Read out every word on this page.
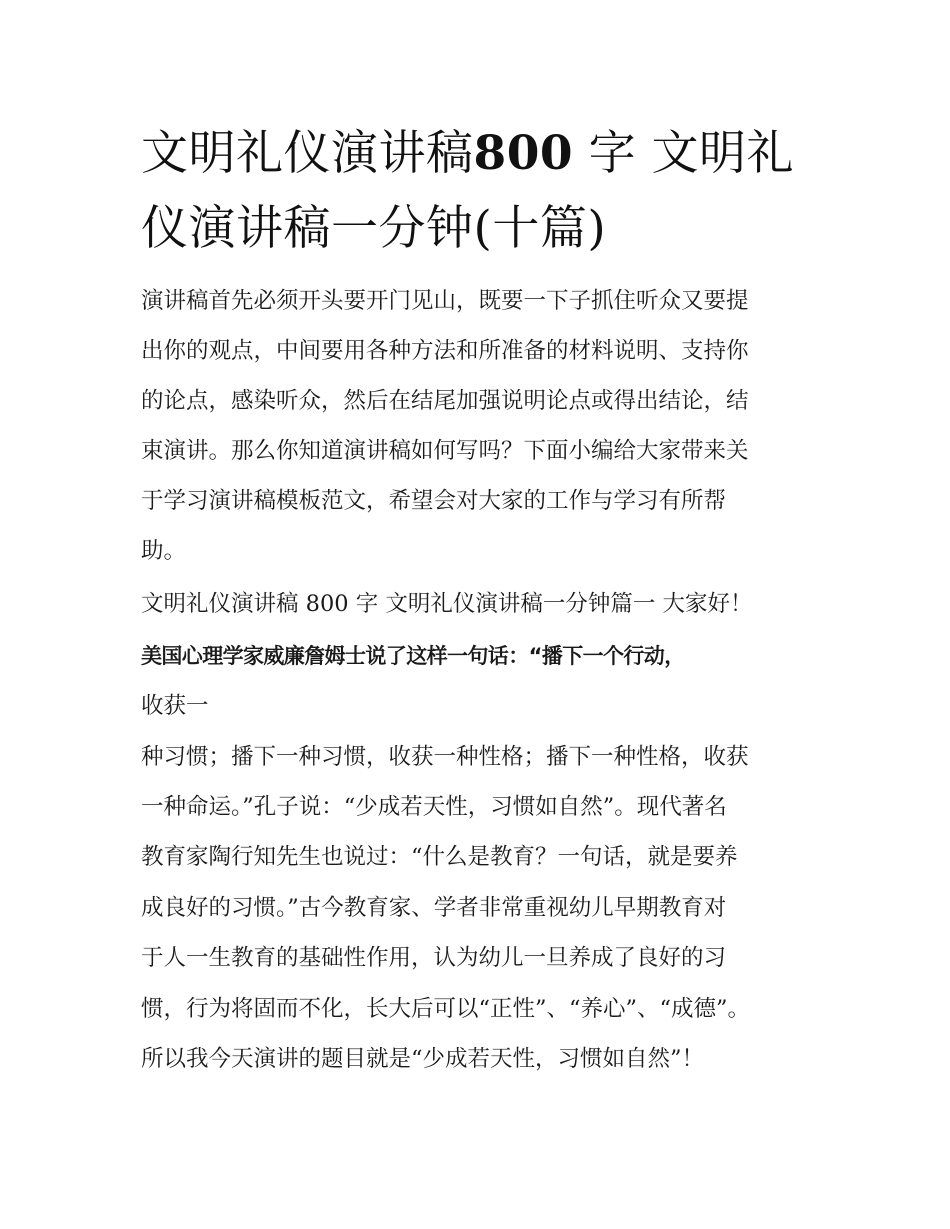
文明礼仪演讲稿800 字 文明礼仪演讲稿一分钟(十篇)

演讲稿首先必须开头要开门见山，既要一下子抓住听众又要提

出你的观点，中间要用各种方法和所准备的材料说明、支持你

的论点，感染听众，然后在结尾加强说明论点或得出结论，结

束演讲。那么你知道演讲稿如何写吗？下面小编给大家带来关

于学习演讲稿模板范文，希望会对大家的工作与学习有所帮

助。

文明礼仪演讲稿 800 字 文明礼仪演讲稿一分钟篇一 大家好！

美国心理学家威廉詹姆士说了这样一句话：“播下一个行动，

收获一

种习惯；播下一种习惯，收获一种性格；播下一种性格，收获

一种命运。”孔子说：“少成若天性，习惯如自然”。现代著名

教育家陶行知先生也说过：“什么是教育？一句话，就是要养

成良好的习惯。”古今教育家、学者非常重视幼儿早期教育对

于人一生教育的基础性作用，认为幼儿一旦养成了良好的习

惯，行为将固而不化，长大后可以“正性”、“养心”、“成德”。

所以我今天演讲的题目就是“少成若天性，习惯如自然”！
